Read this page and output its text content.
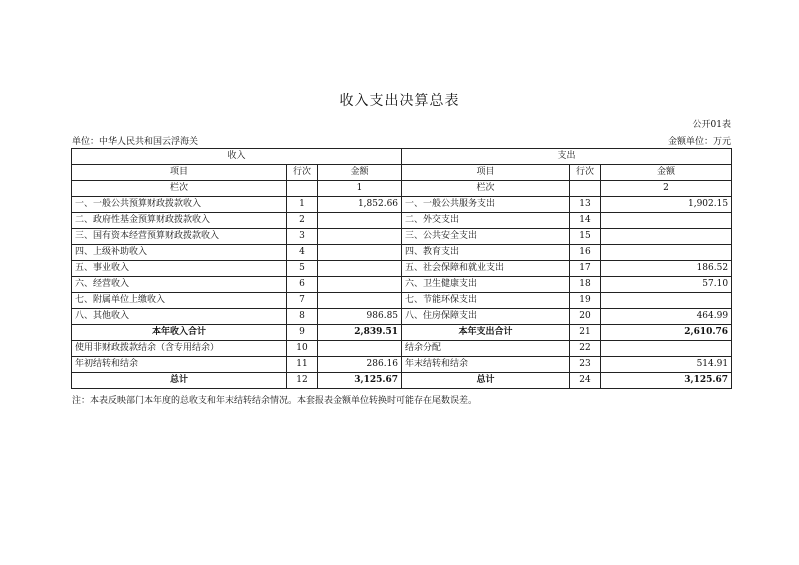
收入支出决算总表
公开01表
单位：中华人民共和国云浮海关	金额单位：万元
收入			支出		
项目	行次	金额	项目	行次	金额
栏次		1	栏次		2
一、一般公共预算财政拨款收入	1	1,852.66	一、一般公共服务支出	13	1,902.15
二、政府性基金预算财政拨款收入	2		二、外交支出	14	
三、国有资本经营预算财政拨款收入	3		三、公共安全支出	15	
四、上级补助收入	4		四、教育支出	16	
五、事业收入	5		五、社会保障和就业支出	17	186.52
六、经营收入	6		六、卫生健康支出	18	57.10
七、附属单位上缴收入	7		七、节能环保支出	19	
八、其他收入	8	986.85	八、住房保障支出	20	464.99
本年收入合计	9	2,839.51	本年支出合计	21	2,610.76
使用非财政拨款结余（含专用结余）	10		结余分配	22	
年初结转和结余	11	286.16	年末结转和结余	23	514.91
总计	12	3,125.67	总计	24	3,125.67
注：本表反映部门本年度的总收支和年末结转结余情况。本套报表金额单位转换时可能存在尾数误差。
